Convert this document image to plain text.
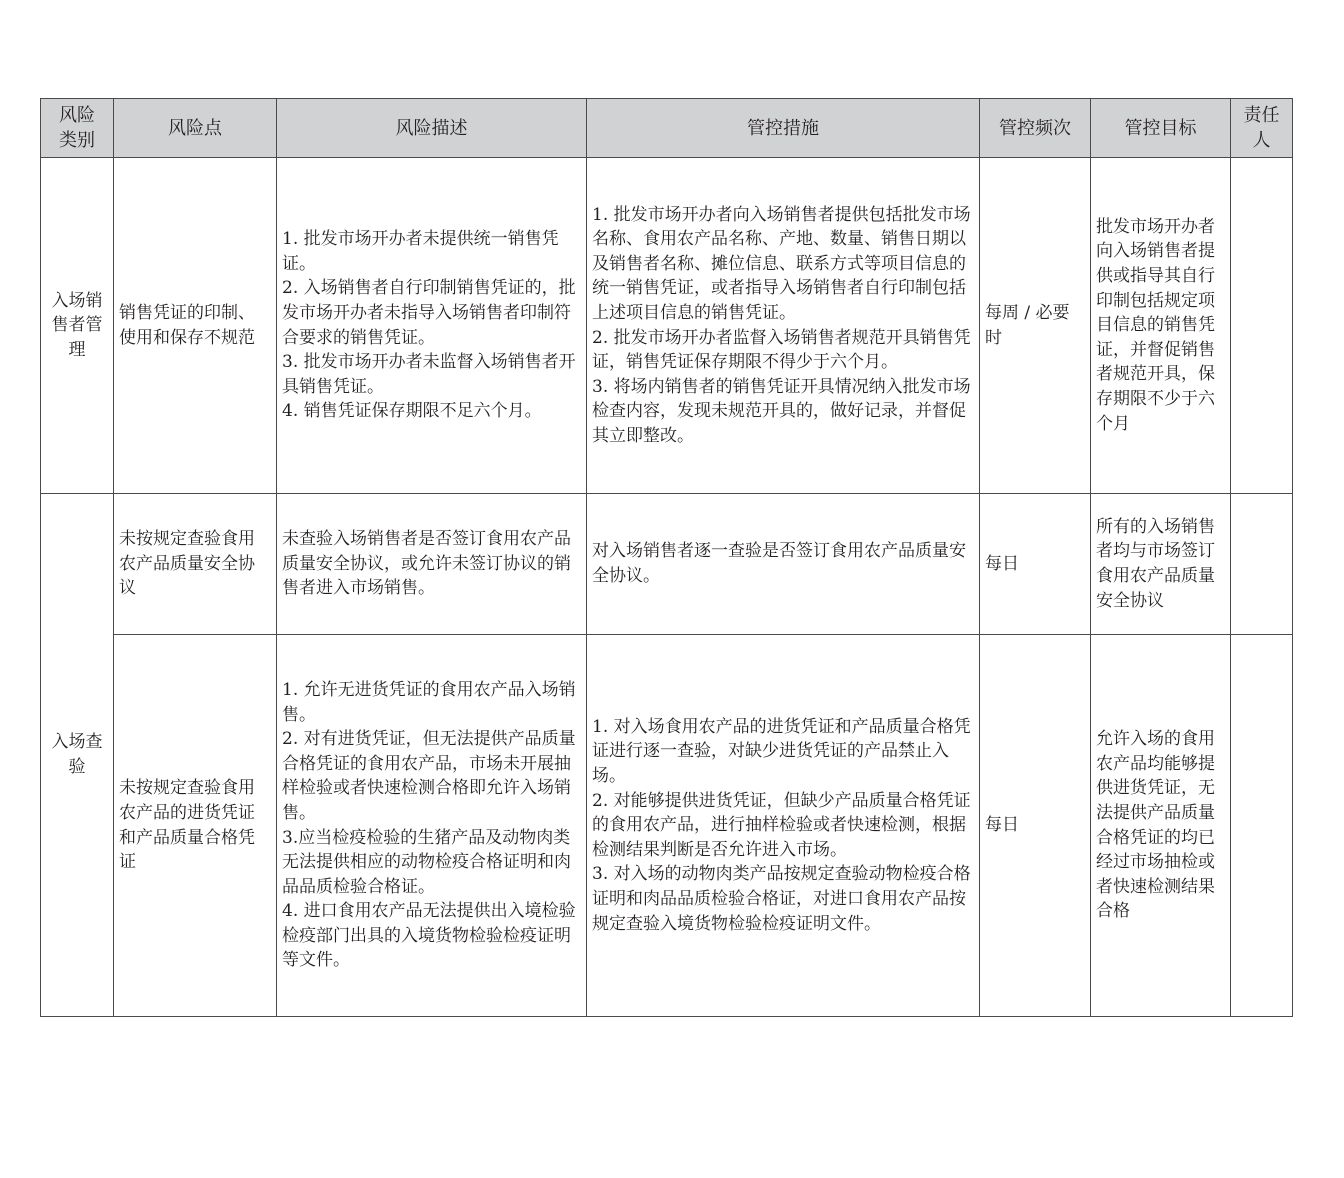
风险类别	风险点	风险描述	管控措施	管控频次	管控目标	责任人

入场销售者管理	销售凭证的印制、使用和保存不规范	1. 批发市场开办者未提供统一销售凭证。
2. 入场销售者自行印制销售凭证的，批发市场开办者未指导入场销售者印制符合要求的销售凭证。
3. 批发市场开办者未监督入场销售者开具销售凭证。
4. 销售凭证保存期限不足六个月。	1. 批发市场开办者向入场销售者提供包括批发市场名称、食用农产品名称、产地、数量、销售日期以及销售者名称、摊位信息、联系方式等项目信息的统一销售凭证，或者指导入场销售者自行印制包括上述项目信息的销售凭证。
2. 批发市场开办者监督入场销售者规范开具销售凭证，销售凭证保存期限不得少于六个月。
3. 将场内销售者的销售凭证开具情况纳入批发市场检查内容，发现未规范开具的，做好记录，并督促其立即整改。	每周 / 必要时	批发市场开办者向入场销售者提供或指导其自行印制包括规定项目信息的销售凭证，并督促销售者规范开具，保存期限不少于六个月	

入场查验	未按规定查验食用农产品质量安全协议	未查验入场销售者是否签订食用农产品质量安全协议，或允许未签订协议的销售者进入市场销售。	对入场销售者逐一查验是否签订食用农产品质量安全协议。	每日	所有的入场销售者均与市场签订食用农产品质量安全协议	
	未按规定查验食用农产品的进货凭证和产品质量合格凭证	1. 允许无进货凭证的食用农产品入场销售。
2. 对有进货凭证，但无法提供产品质量合格凭证的食用农产品，市场未开展抽样检验或者快速检测合格即允许入场销售。
3.应当检疫检验的生猪产品及动物肉类无法提供相应的动物检疫合格证明和肉品品质检验合格证。
4. 进口食用农产品无法提供出入境检验检疫部门出具的入境货物检验检疫证明等文件。	1. 对入场食用农产品的进货凭证和产品质量合格凭证进行逐一查验，对缺少进货凭证的产品禁止入场。
2. 对能够提供进货凭证，但缺少产品质量合格凭证的食用农产品，进行抽样检验或者快速检测，根据检测结果判断是否允许进入市场。
3. 对入场的动物肉类产品按规定查验动物检疫合格证明和肉品品质检验合格证，对进口食用农产品按规定查验入境货物检验检疫证明文件。	每日	允许入场的食用农产品均能够提供进货凭证，无法提供产品质量合格凭证的均已经过市场抽检或者快速检测结果合格	
